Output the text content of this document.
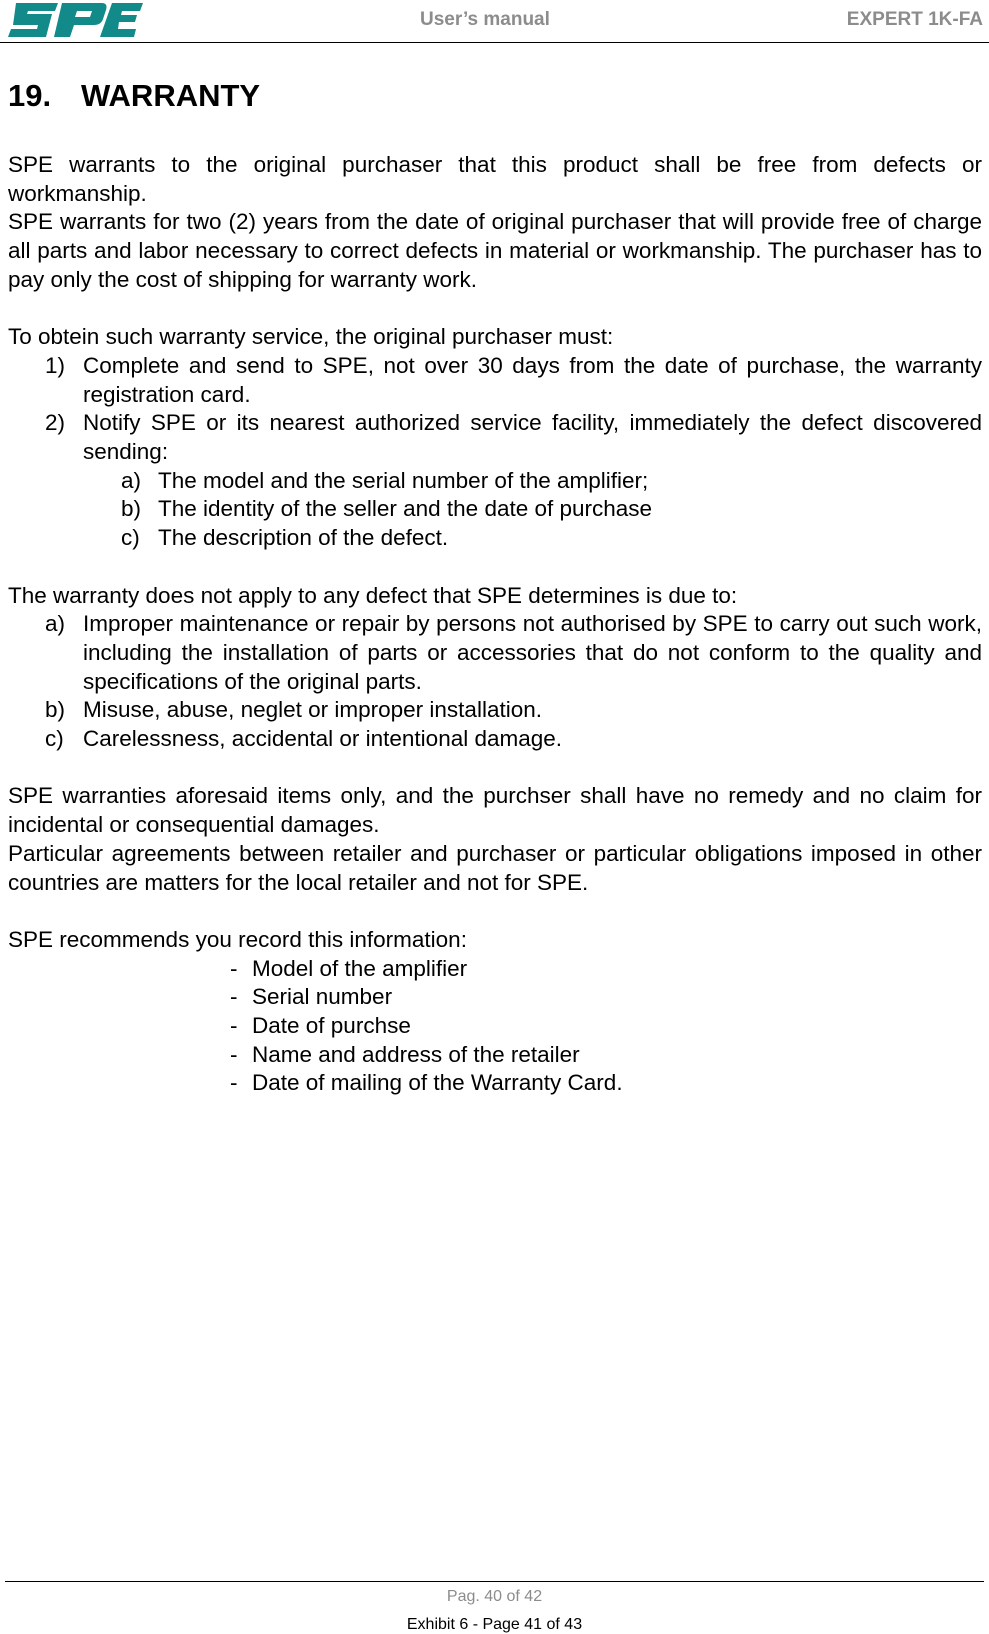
User’s manual	EXPERT 1K-FA
19. WARRANTY

SPE warrants to the original purchaser that this product shall be free from defects or workmanship.

SPE warrants for two (2) years from the date of original purchaser that will provide free of charge all parts and labor necessary to correct defects in material or workmanship. The purchaser has to pay only the cost of shipping for warranty work.

To obtein such warranty service, the original purchaser must:

1) Complete and send to SPE, not over 30 days from the date of purchase, the warranty registration card.
2) Notify SPE or its nearest authorized service facility, immediately the defect discovered sending:
a) The model and the serial number of the amplifier;
b) The identity of the seller and the date of purchase
c) The description of the defect.

The warranty does not apply to any defect that SPE determines is due to:

a) Improper maintenance or repair by persons not authorised by SPE to carry out such work, including the installation of parts or accessories that do not conform to the quality and specifications of the original parts.
b) Misuse, abuse, neglet or improper installation.
c) Carelessness, accidental or intentional damage.

SPE warranties aforesaid items only, and the purchser shall have no remedy and no claim for incidental or consequential damages.

Particular agreements between retailer and purchaser or particular obligations imposed in other countries are matters for the local retailer and not for SPE.

SPE recommends you record this information:

- Model of the amplifier
- Serial number
- Date of purchse
- Name and address of the retailer
- Date of mailing of the Warranty Card.
Pag. 40 of 42
Exhibit 6 - Page 41 of 43
